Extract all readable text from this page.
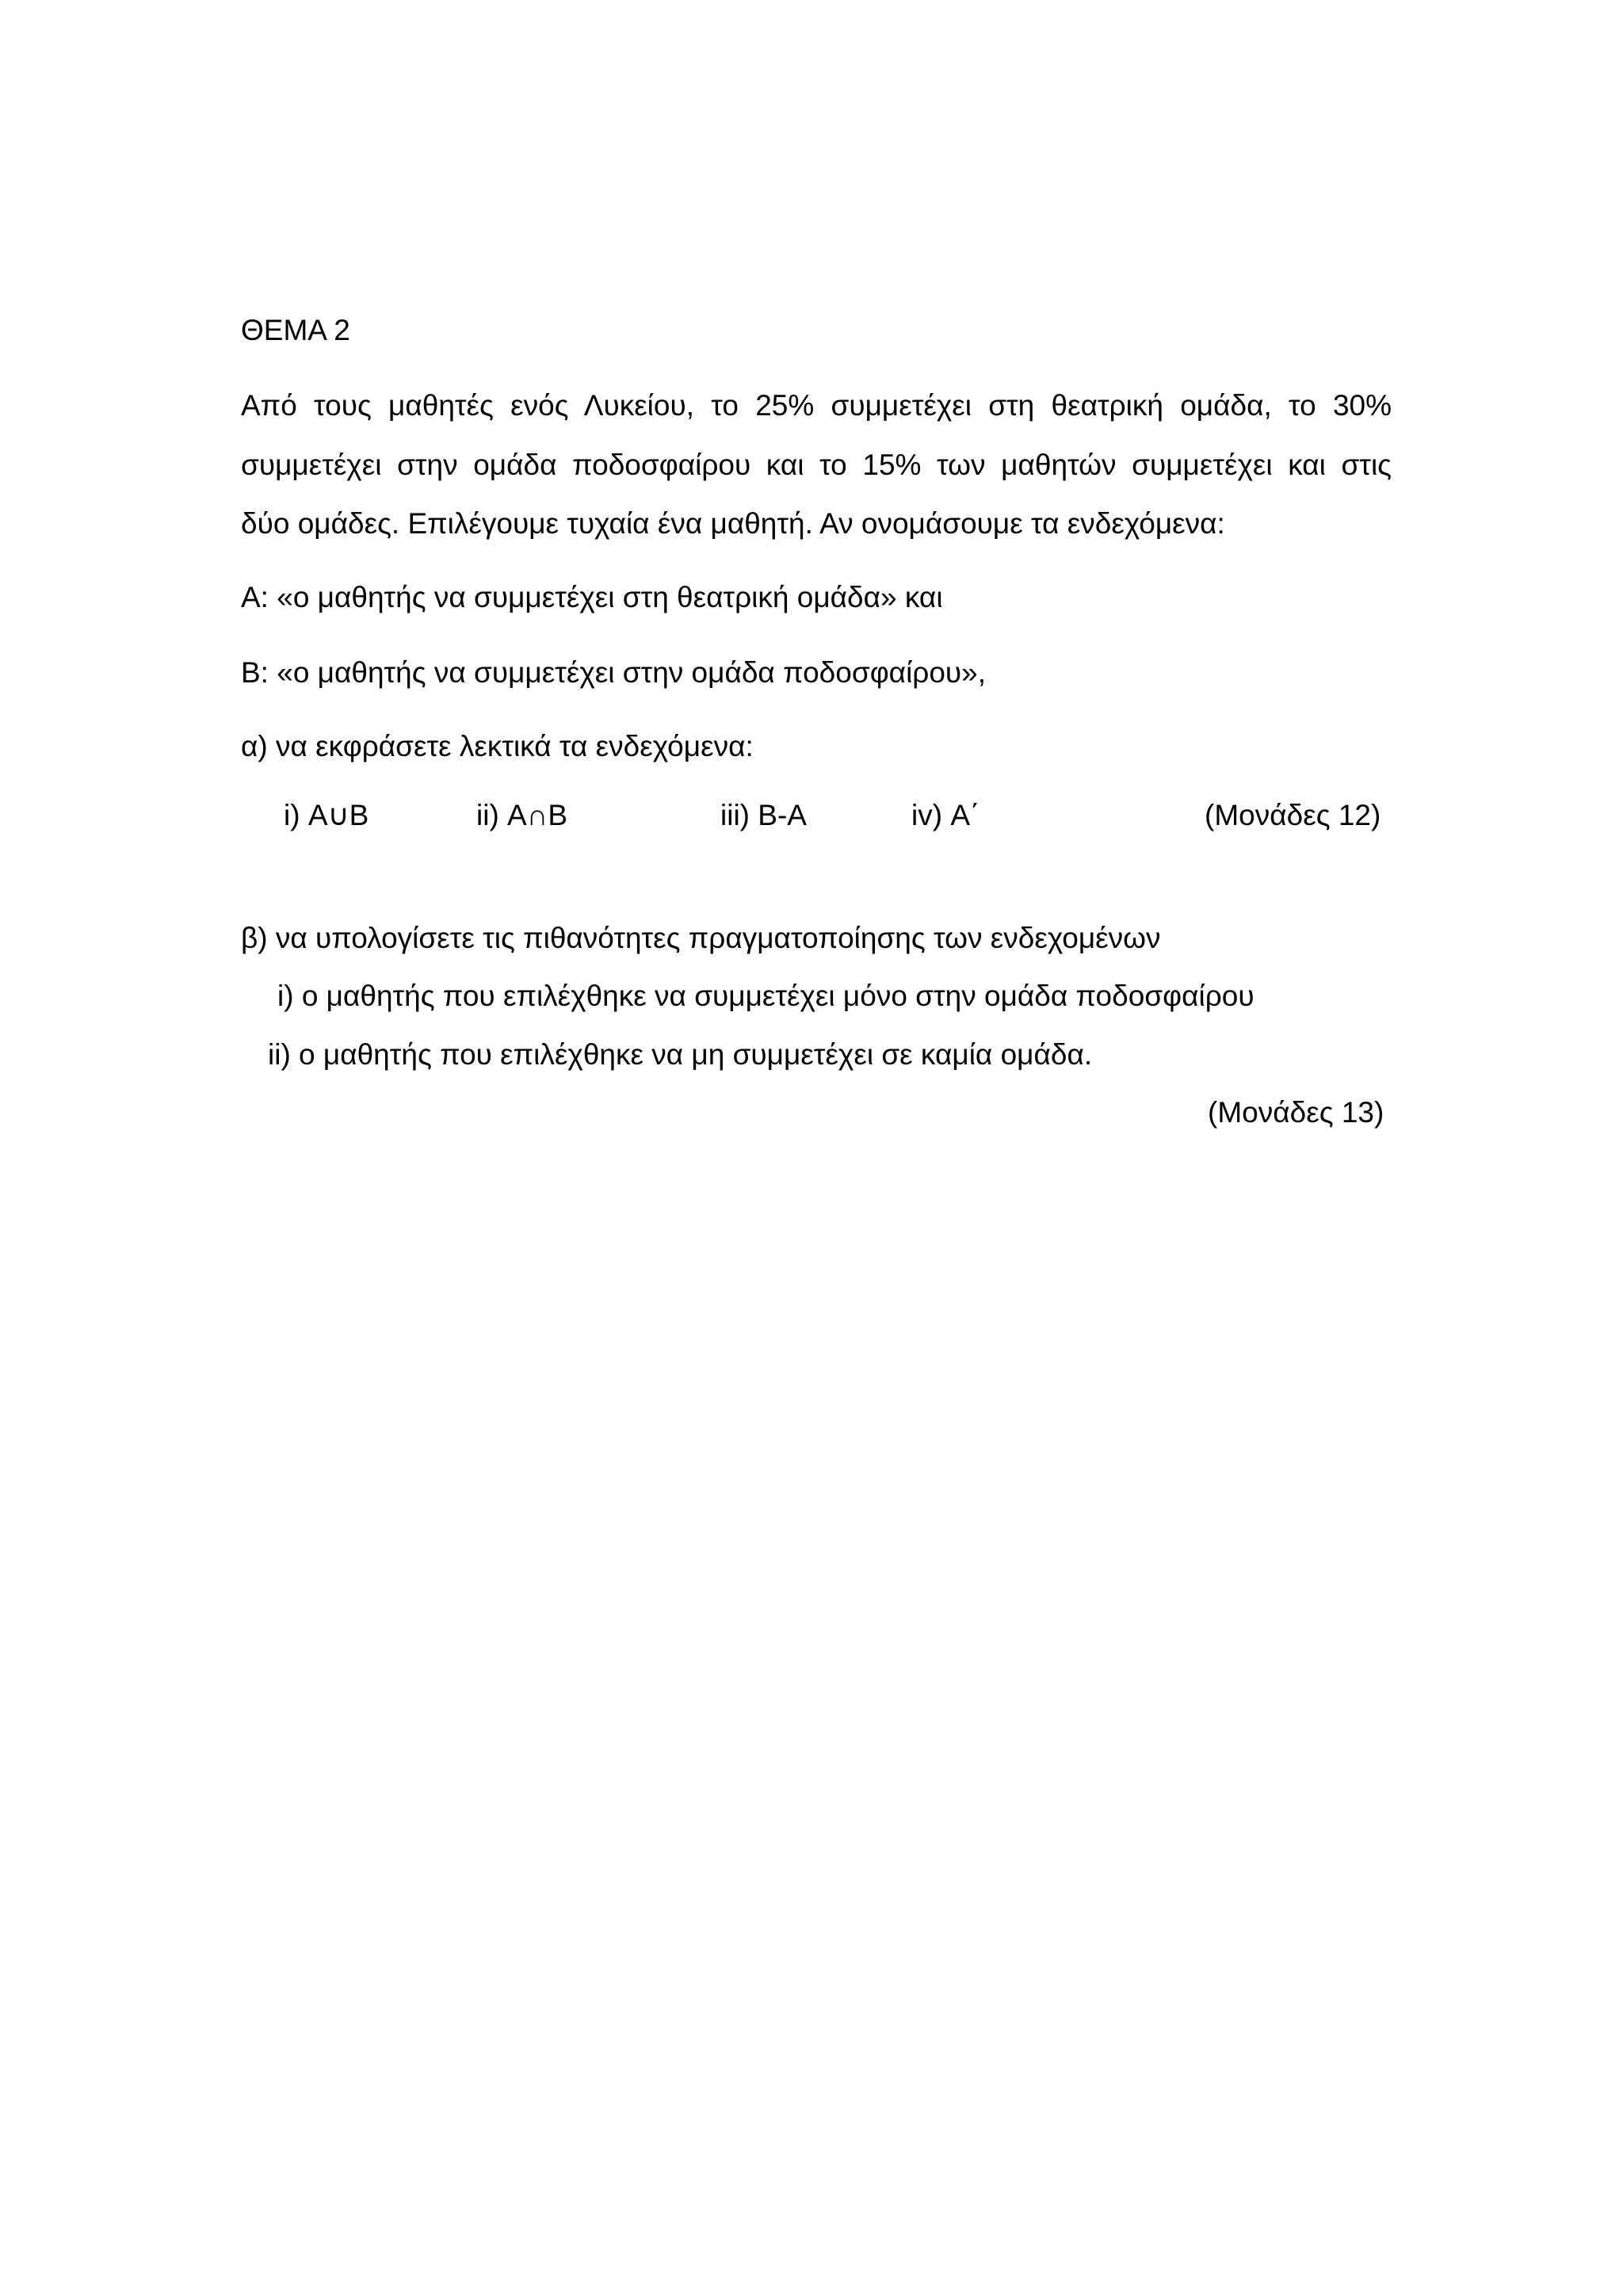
ΘΕΜΑ 2
Από τους μαθητές ενός Λυκείου, το 25% συμμετέχει στη θεατρική ομάδα, το 30%
συμμετέχει στην ομάδα ποδοσφαίρου και το 15% των μαθητών συμμετέχει και στις
δύο ομάδες. Επιλέγουμε τυχαία ένα μαθητή. Αν ονομάσουμε τα ενδεχόμενα:
Α: «ο μαθητής να συμμετέχει στη θεατρική ομάδα» και
Β: «ο μαθητής να συμμετέχει στην ομάδα ποδοσφαίρου»,
α) να εκφράσετε λεκτικά τα ενδεχόμενα:
i) Α∪Β	ii) Α∩Β	iii) Β-Α	iv) Α΄	(Μονάδες 12)
β) να υπολογίσετε τις πιθανότητες πραγματοποίησης των ενδεχομένων
i) ο μαθητής που επιλέχθηκε να συμμετέχει μόνο στην ομάδα ποδοσφαίρου
ii) ο μαθητής που επιλέχθηκε να μη συμμετέχει σε καμία ομάδα.
(Μονάδες 13)
